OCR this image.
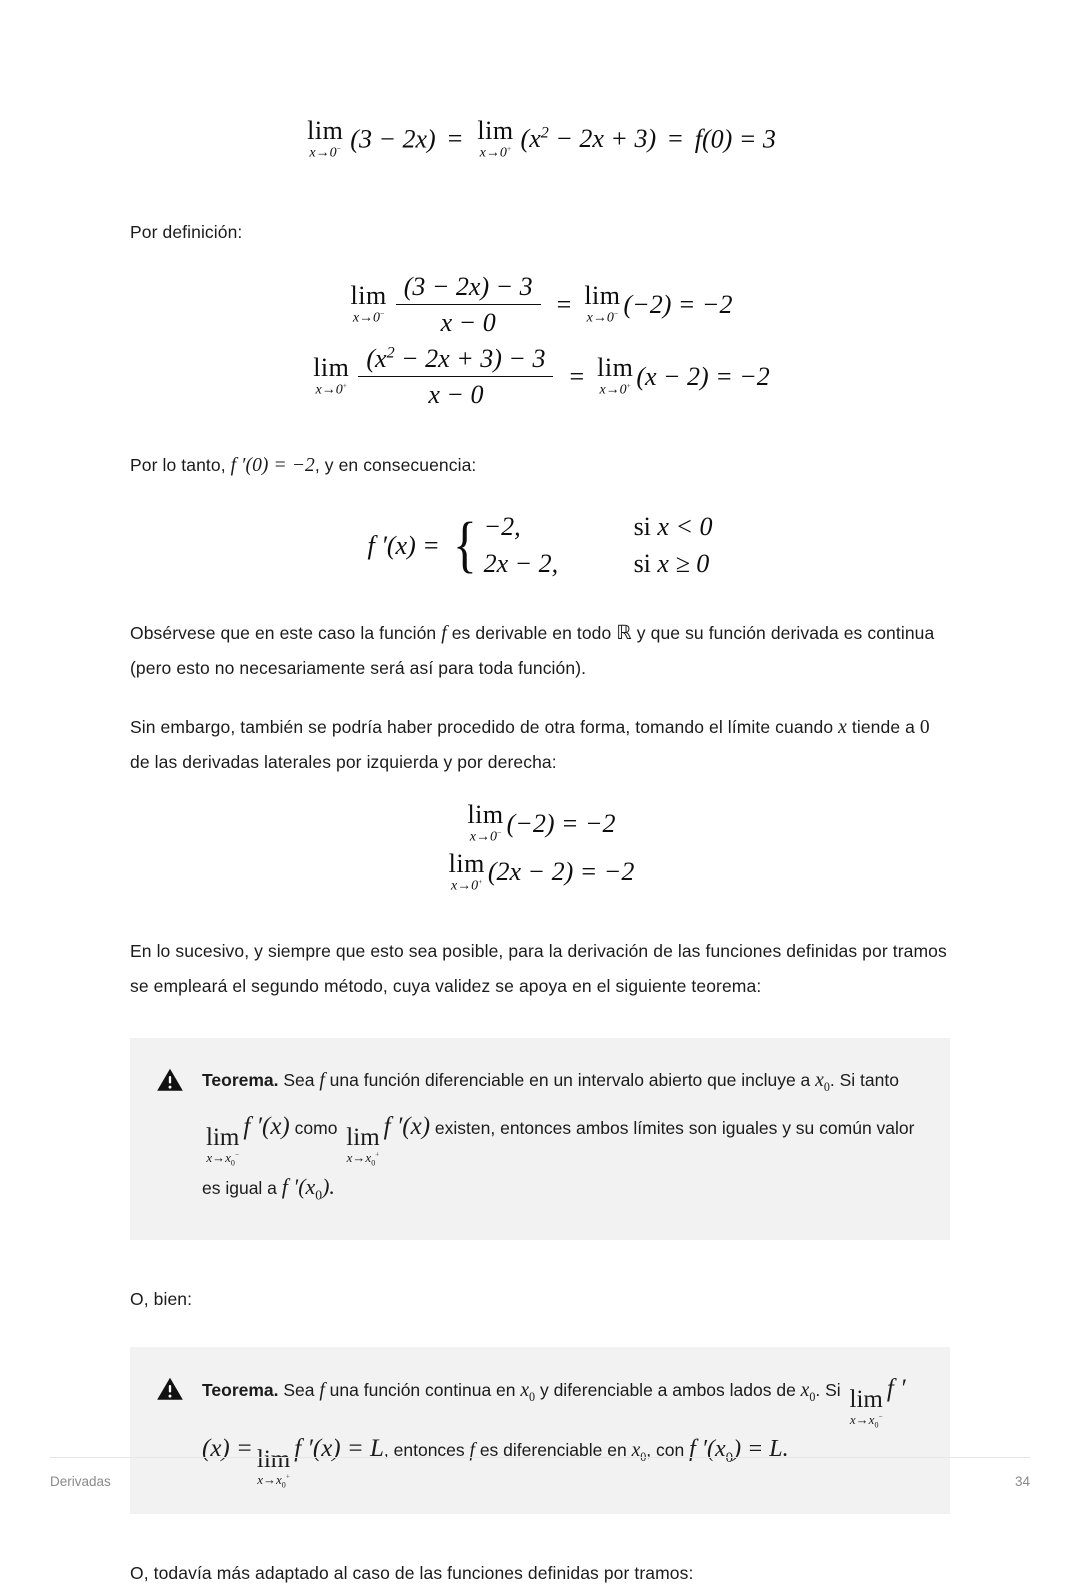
lim
x→0− (3 − 2x) = lim
x→0+ $(x^2 - 2x + 3) = f(0) = 3$

Por definición:

lim
$x\to 0^- \frac{(3 - 2x) - 3}{x - 0} = \lim$
x→0− (−2) = −2
lim
$x\to 0^+ \frac{(x^2 - 2x + 3) - 3}{x - 0} = \lim$
x→0+ (x − 2) = −2

Por lo tanto, f ′(0) = −2, y en consecuencia:

f ′(x) = { −2,	si x < 0
2x − 2,	si x ≥ 0

Obsérvese que en este caso la función f es derivable en todo ℝ y que su función derivada es continua (pero esto no necesariamente será así para toda función).

Sin embargo, también se podría haber procedido de otra forma, tomando el límite cuando x tiende a 0 de las derivadas laterales por izquierda y por derecha:

lim
x→0− (−2) = −2
lim
x→0+ (2x − 2) = −2

En lo sucesivo, y siempre que esto sea posible, para la derivación de las funciones definidas por tramos se empleará el segundo método, cuya validez se apoya en el siguiente teorema:

Teorema. Sea f una función diferenciable en un intervalo abierto que incluye a $x_0$. Si tanto
lim
$x\to x_0^-$
f ′(x) como lim
$x\to x_0^+$
f ′(x) existen, entonces ambos límites son iguales y su común valor es igual a f $'(x_0)$.

O, bien:

Teorema. Sea f una función continua en $x_0$ y diferenciable a ambos lados de $x_0$. Si lim
$x\to x_0^-$
f ′(x) = lim
$x\to x_0^+$
f ′(x) = L, entonces f es diferenciable en $x_0$, con f $'(x_0) = L$.

O, todavía más adaptado al caso de las funciones definidas por tramos:

Derivadas	34
